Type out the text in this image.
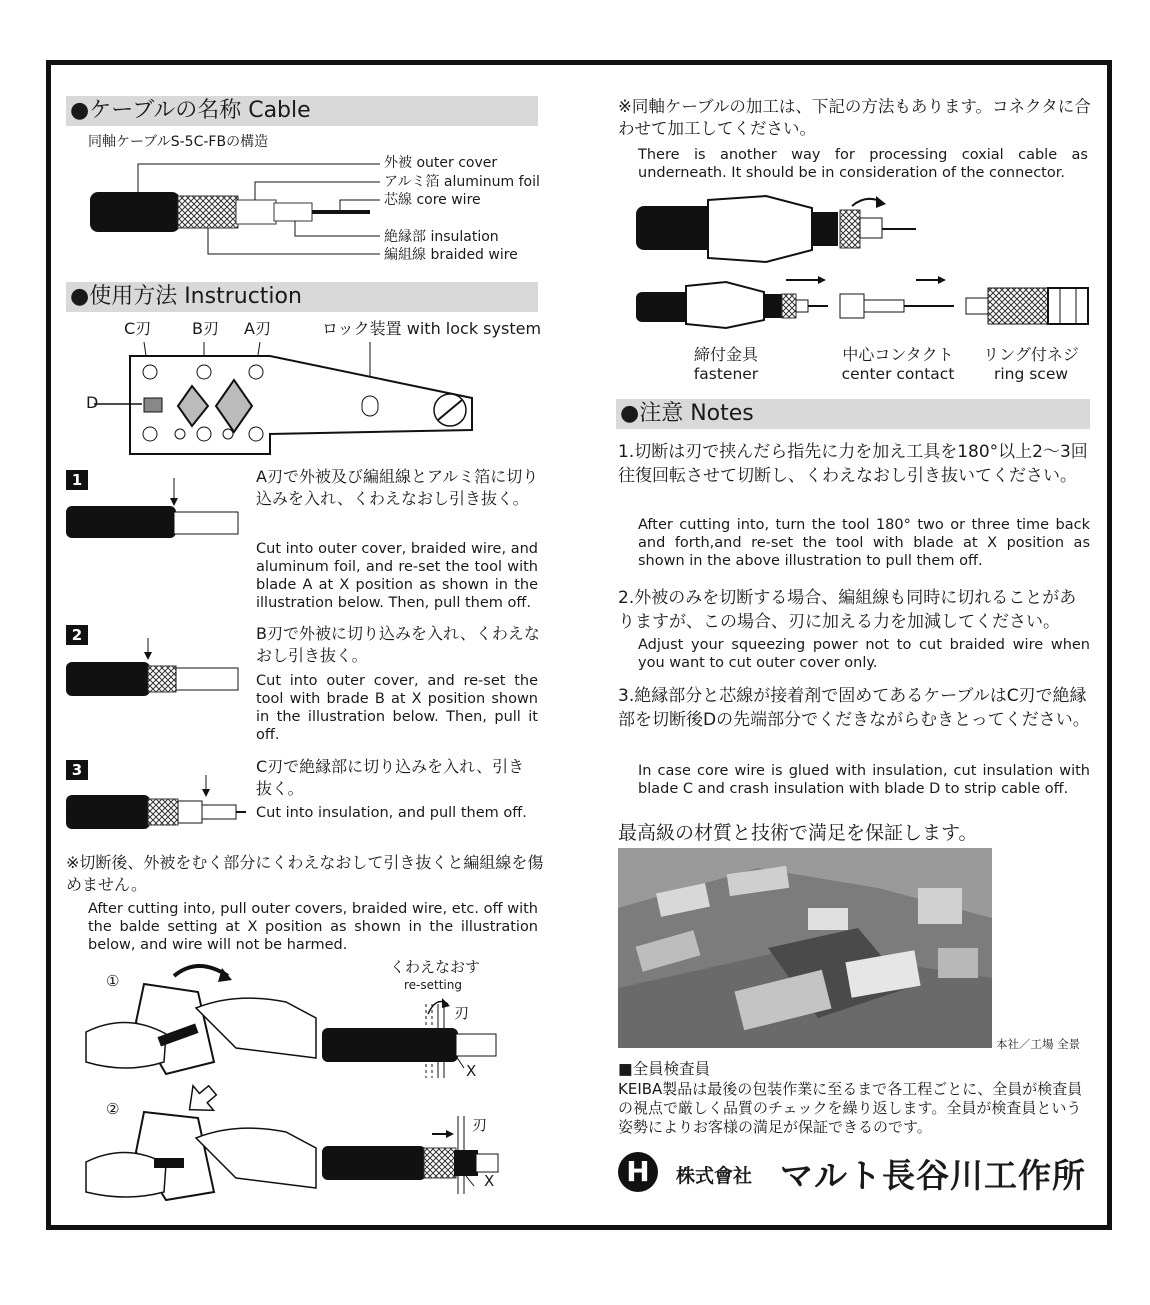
●ケーブルの名称 Cable
同軸ケーブルS-5C-FBの構造
外被 outer cover
アルミ箔 aluminum foil
芯線 core wire
絶縁部 insulation
編組線 braided wire
●使用方法 Instruction
C刃	B刃 A刃	ロック装置 with lock system
D
1	A刃で外被及び編組線とアルミ箔に切り込みを入れ、くわえなおし引き抜く。
Cut into outer cover, braided wire, and aluminum foil, and re-set the tool with blade A at X position as shown in the illustration below. Then, pull them off.
2	B刃で外被に切り込みを入れ、くわえなおし引き抜く。
Cut into outer cover, and re-set the tool with brade B at X position shown in the illustration below. Then, pull it off.
3	C刃で絶縁部に切り込みを入れ、引き抜く。
Cut into insulation, and pull them off.
※切断後、外被をむく部分にくわえなおして引き抜くと編組線を傷めません。
After cutting into, pull outer covers, braided wire, etc. off with the balde setting at X position as shown in the illustration below, and wire will not be harmed.
①
②
くわえなおす
re-setting
刃
X
刃
X
※同軸ケーブルの加工は、下記の方法もあります。コネクタに合わせて加工してください。
There is another way for processing coxial cable as underneath. It should be in consideration of the connector.
締付金具
fastener
中心コンタクト
center contact
リング付ネジ
ring scew
●注意 Notes
1.切断は刃で挟んだら指先に力を加え工具を180°以上2〜3回往復回転させて切断し、くわえなおし引き抜いてください。
After cutting into, turn the tool 180° two or three time back and forth,and re-set the tool with blade at X position as shown in the above illustration to pull them off.
2.外被のみを切断する場合、編組線も同時に切れることがありますが、この場合、刃に加える力を加減してください。
Adjust your squeezing power not to cut braided wire when you want to cut outer cover only.
3.絶縁部分と芯線が接着剤で固めてあるケーブルはC刃で絶縁部を切断後Dの先端部分でくだきながらむきとってください。
In case core wire is glued with insulation, cut insulation with blade C and crash insulation with blade D to strip cable off.
最高級の材質と技術で満足を保証します。
本社／工場 全景
■全員検査員
KEIBA製品は最後の包装作業に至るまで各工程ごとに、全員が検査員の視点で厳しく品質のチェックを繰り返します。全員が検査員という姿勢によりお客様の満足が保証できるのです。
H	株式會社 マルト長谷川工作所
